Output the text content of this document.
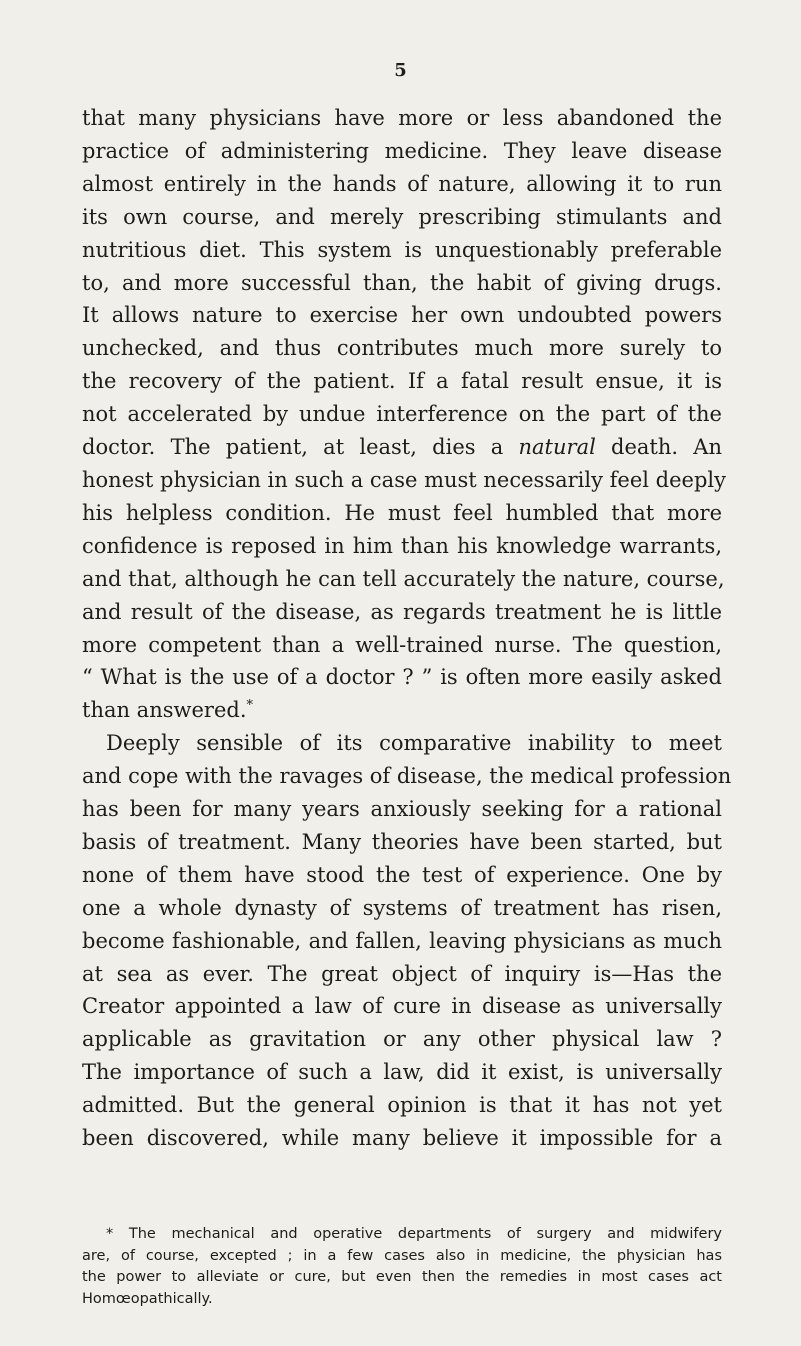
5

that many physicians have more or less abandoned the
practice of administering medicine. They leave disease
almost entirely in the hands of nature, allowing it to run
its own course, and merely prescribing stimulants and
nutritious diet. This system is unquestionably preferable
to, and more successful than, the habit of giving drugs.
It allows nature to exercise her own undoubted powers
unchecked, and thus contributes much more surely to
the recovery of the patient. If a fatal result ensue, it is
not accelerated by undue interference on the part of the
doctor. The patient, at least, dies a natural death. An
honest physician in such a case must necessarily feel deeply
his helpless condition. He must feel humbled that more
confidence is reposed in him than his knowledge warrants,
and that, although he can tell accurately the nature, course,
and result of the disease, as regards treatment he is little
more competent than a well-trained nurse. The question,
“ What is the use of a doctor ? ” is often more easily asked
than answered.*

Deeply sensible of its comparative inability to meet
and cope with the ravages of disease, the medical profession
has been for many years anxiously seeking for a rational
basis of treatment. Many theories have been started, but
none of them have stood the test of experience. One by
one a whole dynasty of systems of treatment has risen,
become fashionable, and fallen, leaving physicians as much
at sea as ever. The great object of inquiry is—Has the
Creator appointed a law of cure in disease as universally
applicable as gravitation or any other physical law ?
The importance of such a law, did it exist, is universally
admitted. But the general opinion is that it has not yet
been discovered, while many believe it impossible for a

* The mechanical and operative departments of surgery and midwifery
are, of course, excepted ; in a few cases also in medicine, the physician has
the power to alleviate or cure, but even then the remedies in most cases act
Homœopathically.
